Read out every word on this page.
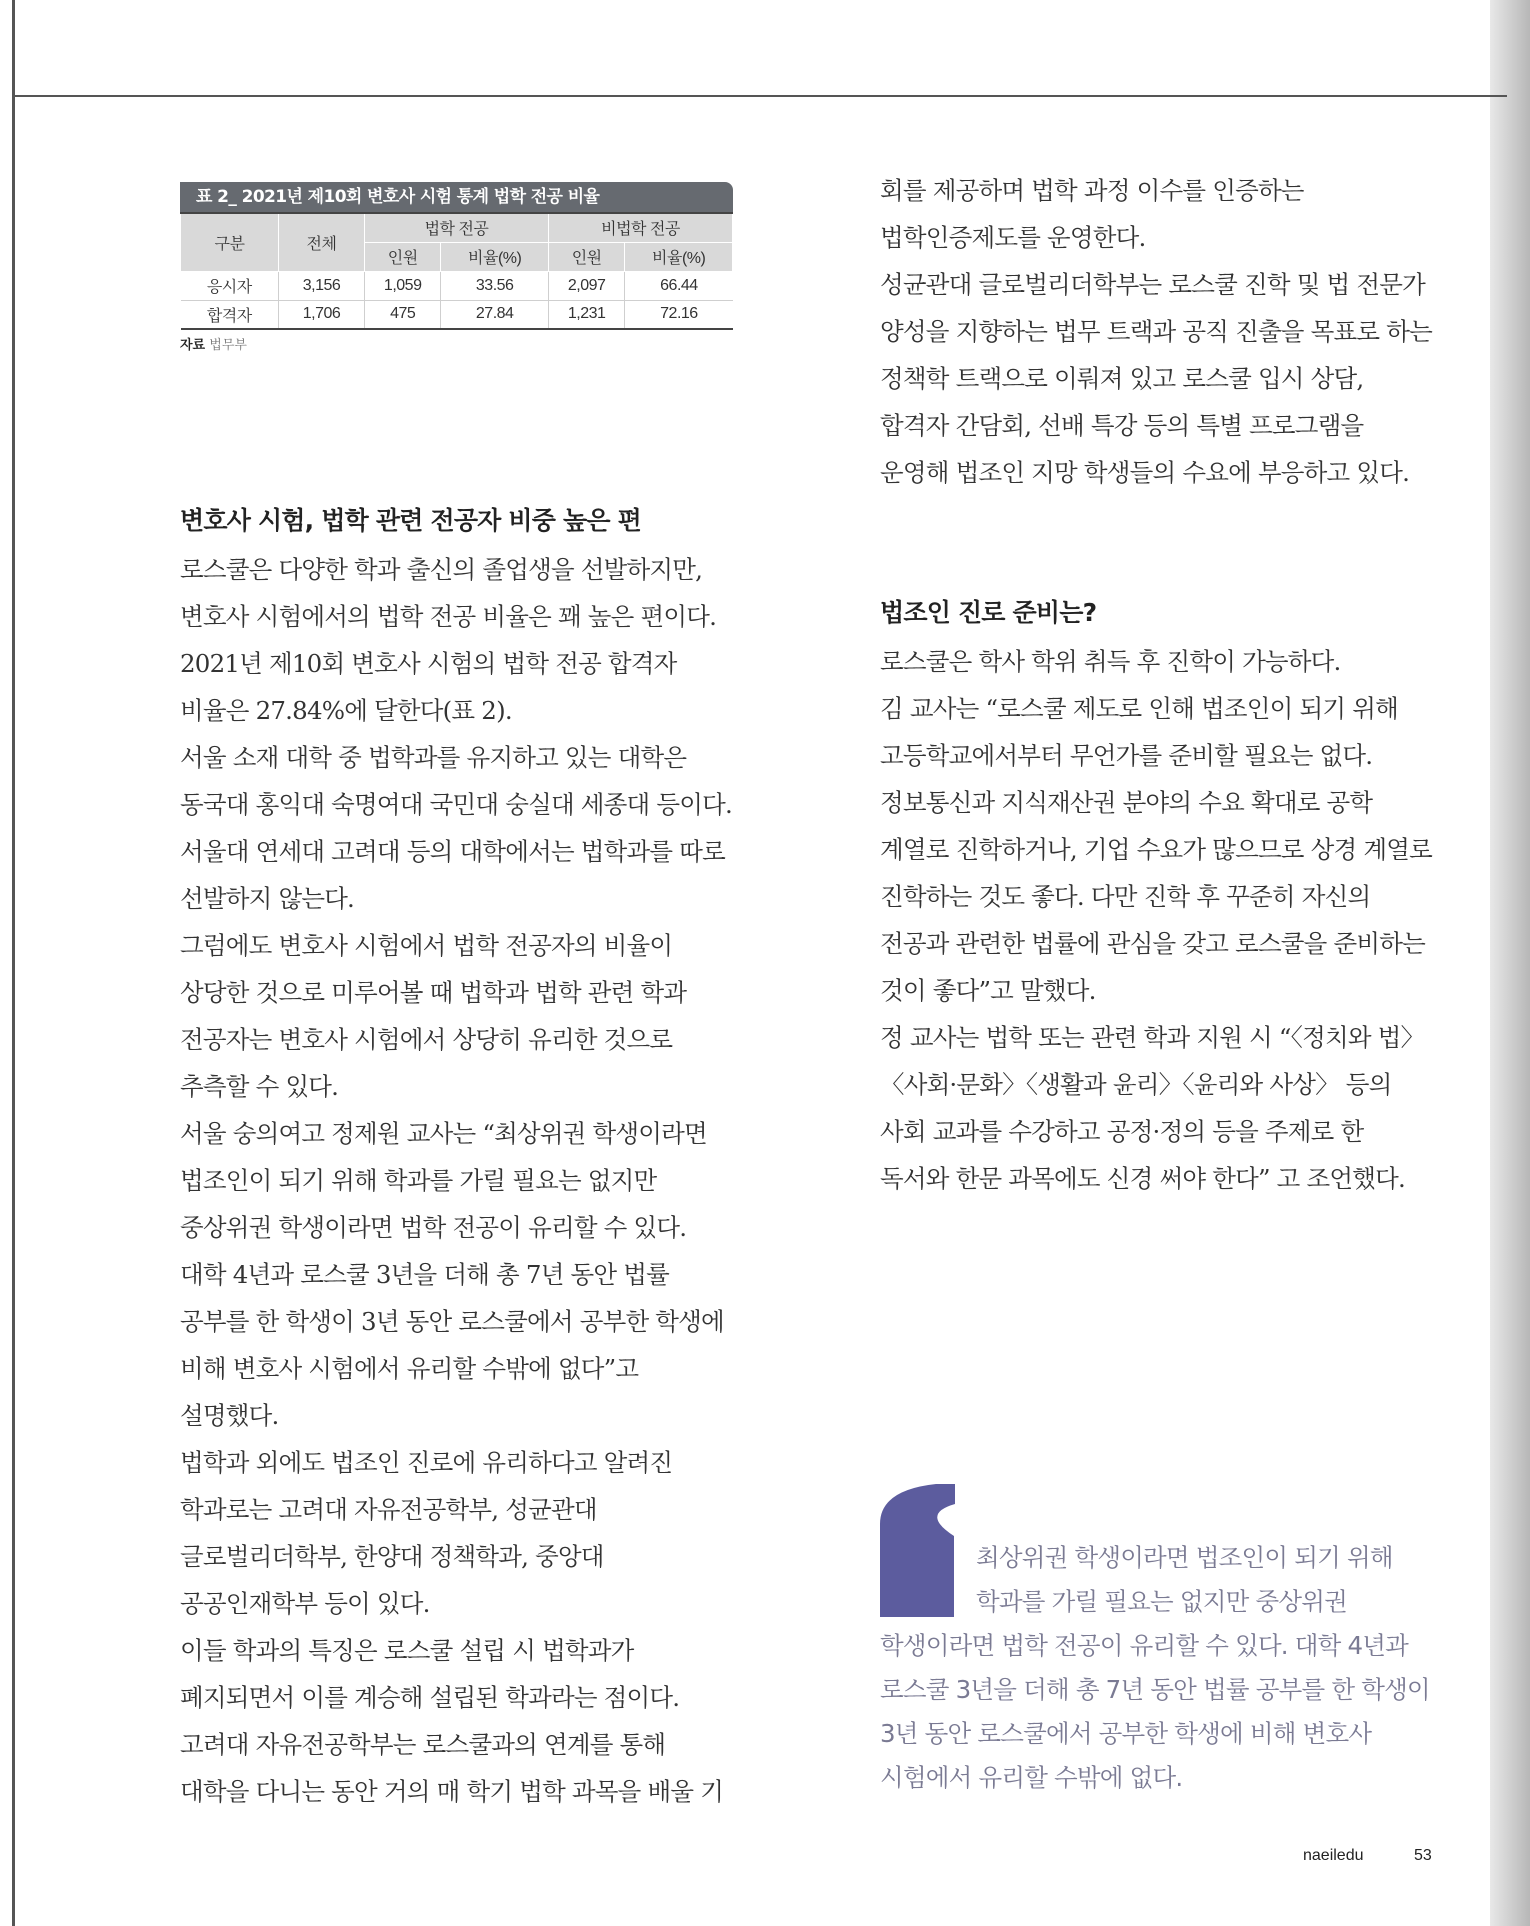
표 2_ 2021년 제10회 변호사 시험 통계 법학 전공 비율
구분	전체	법학 전공		비법학 전공	
		인원	비율(%)	인원	비율(%)
응시자	3,156	1,059	33.56	2,097	66.44
합격자	1,706	475	27.84	1,231	72.16
자료 법무부
변호사 시험, 법학 관련 전공자 비중 높은 편

로스쿨은 다양한 학과 출신의 졸업생을 선발하지만, 변호사 시험에서의 법학 전공 비율은 꽤 높은 편이다. 2021년 제10회 변호사 시험의 법학 전공 합격자 비율은 27.84%에 달한다(표 2).

서울 소재 대학 중 법학과를 유지하고 있는 대학은 동국대 홍익대 숙명여대 국민대 숭실대 세종대 등이다. 서울대 연세대 고려대 등의 대학에서는 법학과를 따로 선발하지 않는다.

그럼에도 변호사 시험에서 법학 전공자의 비율이 상당한 것으로 미루어볼 때 법학과 법학 관련 학과 전공자는 변호사 시험에서 상당히 유리한 것으로 추측할 수 있다.

서울 숭의여고 정제원 교사는 “최상위권 학생이라면 법조인이 되기 위해 학과를 가릴 필요는 없지만 중상위권 학생이라면 법학 전공이 유리할 수 있다. 대학 4년과 로스쿨 3년을 더해 총 7년 동안 법률 공부를 한 학생이 3년 동안 로스쿨에서 공부한 학생에 비해 변호사 시험에서 유리할 수밖에 없다”고 설명했다.

법학과 외에도 법조인 진로에 유리하다고 알려진 학과로는 고려대 자유전공학부, 성균관대 글로벌리더학부, 한양대 정책학과, 중앙대 공공인재학부 등이 있다.

이들 학과의 특징은 로스쿨 설립 시 법학과가 폐지되면서 이를 계승해 설립된 학과라는 점이다.

고려대 자유전공학부는 로스쿨과의 연계를 통해 대학을 다니는 동안 거의 매 학기 법학 과목을 배울 기

회를 제공하며 법학 과정 이수를 인증하는 법학인증제도를 운영한다.

성균관대 글로벌리더학부는 로스쿨 진학 및 법 전문가 양성을 지향하는 법무 트랙과 공직 진출을 목표로 하는 정책학 트랙으로 이뤄져 있고 로스쿨 입시 상담, 합격자 간담회, 선배 특강 등의 특별 프로그램을 운영해 법조인 지망 학생들의 수요에 부응하고 있다.

법조인 진로 준비는?

로스쿨은 학사 학위 취득 후 진학이 가능하다.

김 교사는 “로스쿨 제도로 인해 법조인이 되기 위해 고등학교에서부터 무언가를 준비할 필요는 없다. 정보통신과 지식재산권 분야의 수요 확대로 공학 계열로 진학하거나, 기업 수요가 많으므로 상경 계열로 진학하는 것도 좋다. 다만 진학 후 꾸준히 자신의 전공과 관련한 법률에 관심을 갖고 로스쿨을 준비하는 것이 좋다”고 말했다.

정 교사는 법학 또는 관련 학과 지원 시 “〈정치와 법〉〈사회·문화〉〈생활과 윤리〉〈윤리와 사상〉 등의 사회 교과를 수강하고 공정·정의 등을 주제로 한 독서와 한문 과목에도 신경 써야 한다” 고 조언했다.

최상위권 학생이라면 법조인이 되기 위해
학과를 가릴 필요는 없지만 중상위권
학생이라면 법학 전공이 유리할 수 있다. 대학 4년과 로스쿨 3년을 더해 총 7년 동안 법률 공부를 한 학생이 3년 동안 로스쿨에서 공부한 학생에 비해 변호사 시험에서 유리할 수밖에 없다.
naeiledu	53
